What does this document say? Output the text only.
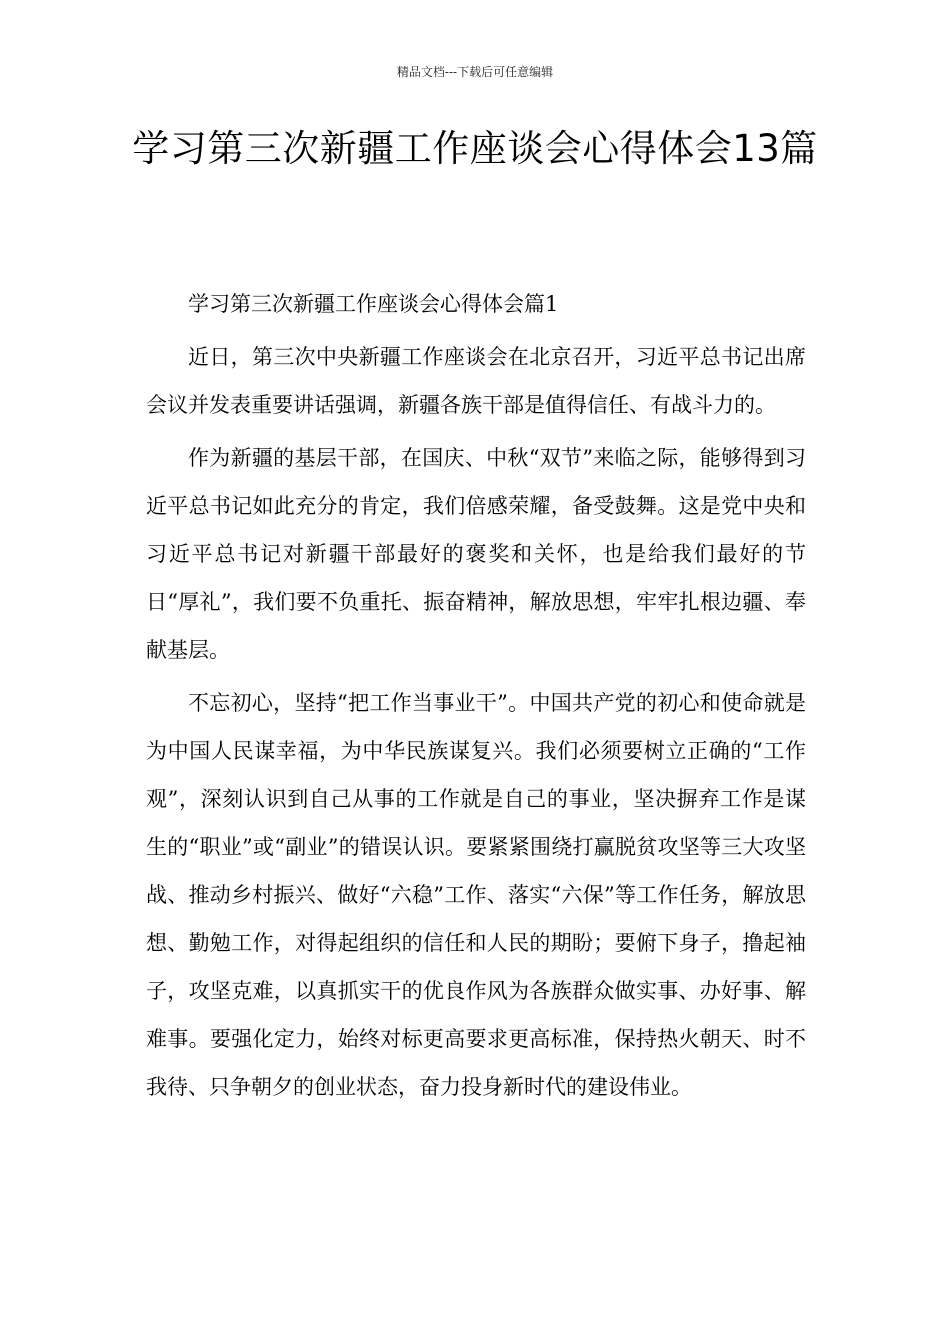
精品文档---下载后可任意编辑
学习第三次新疆工作座谈会心得体会13篇

学习第三次新疆工作座谈会心得体会篇1

近日，第三次中央新疆工作座谈会在北京召开，习近平总书记出席会议并发表重要讲话强调，新疆各族干部是值得信任、有战斗力的。

作为新疆的基层干部，在国庆、中秋“双节”来临之际，能够得到习近平总书记如此充分的肯定，我们倍感荣耀，备受鼓舞。这是党中央和习近平总书记对新疆干部最好的褒奖和关怀，也是给我们最好的节日“厚礼”，我们要不负重托、振奋精神，解放思想，牢牢扎根边疆、奉献基层。

不忘初心，坚持“把工作当事业干”。中国共产党的初心和使命就是为中国人民谋幸福，为中华民族谋复兴。我们必须要树立正确的“工作观”，深刻认识到自己从事的工作就是自己的事业，坚决摒弃工作是谋生的“职业”或“副业”的错误认识。要紧紧围绕打赢脱贫攻坚等三大攻坚战、推动乡村振兴、做好“六稳”工作、落实“六保”等工作任务，解放思想、勤勉工作，对得起组织的信任和人民的期盼；要俯下身子，撸起袖子，攻坚克难，以真抓实干的优良作风为各族群众做实事、办好事、解难事。要强化定力，始终对标更高要求更高标准，保持热火朝天、时不我待、只争朝夕的创业状态，奋力投身新时代的建设伟业。
